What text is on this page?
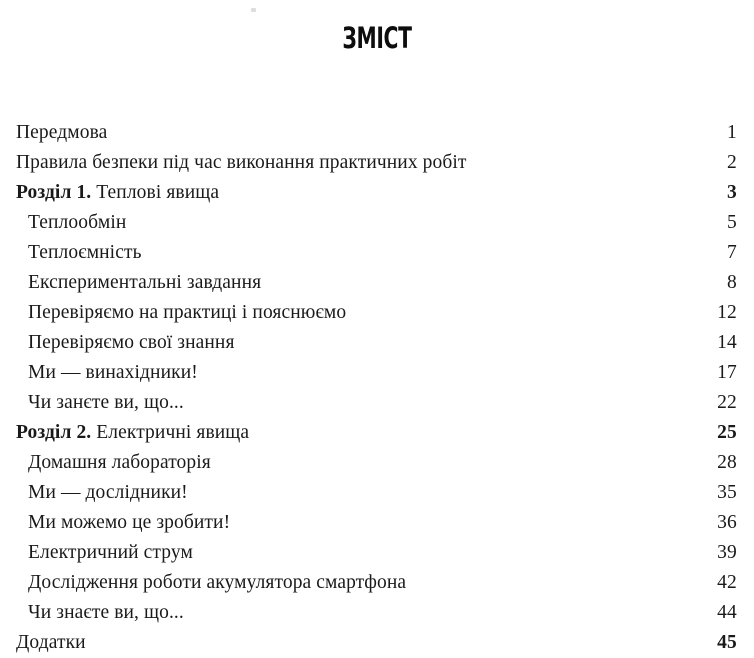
ЗМІСТ
Передмова	1
Правила безпеки під час виконання практичних робіт	2
Розділ 1. Теплові явища	3
Теплообмін	5
Теплоємність	7
Експериментальні завдання	8
Перевіряємо на практиці і пояснюємо	12
Перевіряємо свої знання	14
Ми — винахідники!	17
Чи занєте ви, що...	22
Розділ 2. Електричні явища	25
Домашня лабораторія	28
Ми — дослідники!	35
Ми можемо це зробити!	36
Електричний струм	39
Дослідження роботи акумулятора смартфона	42
Чи знаєте ви, що...	44
Додатки	45
